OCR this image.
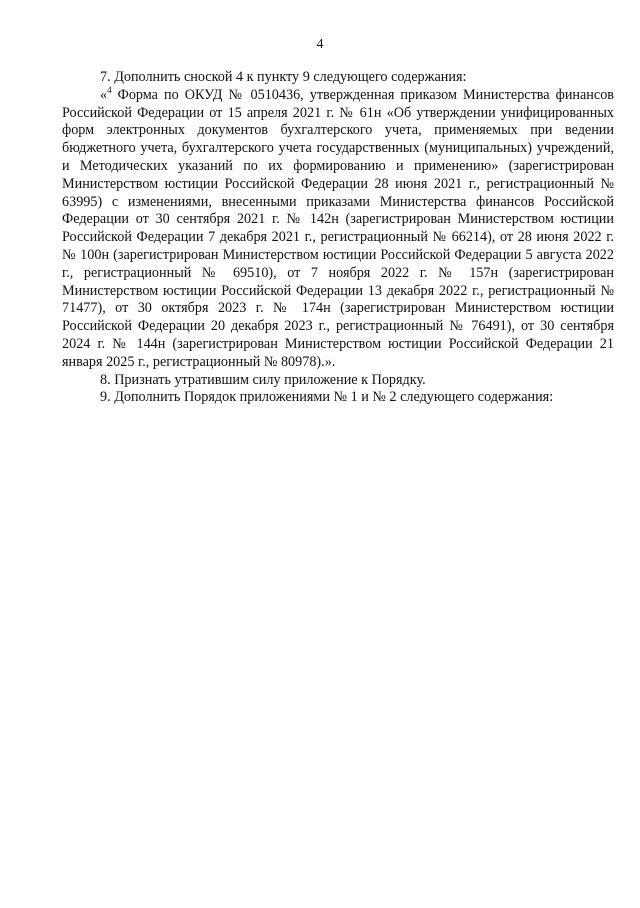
4

7. Дополнить сноской 4 к пункту 9 следующего содержания:

«$^4$ Форма по ОКУД № 0510436, утвержденная приказом Министерства финансов Российской Федерации от 15 апреля 2021 г. № 61н «Об утверждении унифицированных форм электронных документов бухгалтерского учета, применяемых при ведении бюджетного учета, бухгалтерского учета государственных (муниципальных) учреждений, и Методических указаний по их формированию и применению» (зарегистрирован Министерством юстиции Российской Федерации 28 июня 2021 г., регистрационный № 63995) с изменениями, внесенными приказами Министерства финансов Российской Федерации от 30 сентября 2021 г. № 142н (зарегистрирован Министерством юстиции Российской Федерации 7 декабря 2021 г., регистрационный № 66214), от 28 июня 2022 г. № 100н (зарегистрирован Министерством юстиции Российской Федерации 5 августа 2022 г., регистрационный № 69510), от 7 ноября 2022 г. № 157н (зарегистрирован Министерством юстиции Российской Федерации 13 декабря 2022 г., регистрационный № 71477), от 30 октября 2023 г. № 174н (зарегистрирован Министерством юстиции Российской Федерации 20 декабря 2023 г., регистрационный № 76491), от 30 сентября 2024 г. № 144н (зарегистрирован Министерством юстиции Российской Федерации 21 января 2025 г., регистрационный № 80978).».

8. Признать утратившим силу приложение к Порядку.

9. Дополнить Порядок приложениями № 1 и № 2 следующего содержания:
